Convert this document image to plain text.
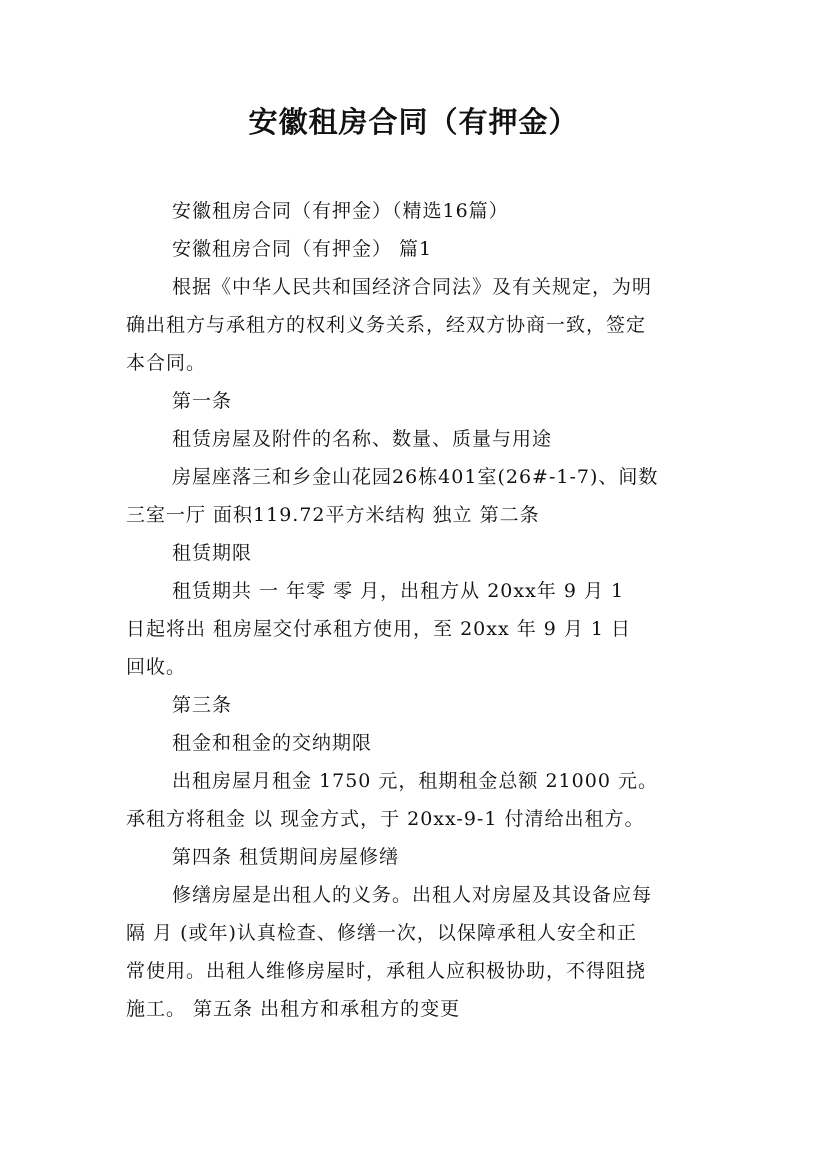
安徽租房合同（有押金）
安徽租房合同（有押金）（精选16篇）
安徽租房合同（有押金） 篇1
根据《中华人民共和国经济合同法》及有关规定，为明
确出租方与承租方的权利义务关系，经双方协商一致，签定
本合同。
第一条
租赁房屋及附件的名称、数量、质量与用途
房屋座落三和乡金山花园26栋401室(26#-1-7)、间数
三室一厅 面积119.72平方米结构 独立 第二条
租赁期限
租赁期共 一 年零 零 月，出租方从 20xx年 9 月 1
日起将出 租房屋交付承租方使用，至 20xx 年 9 月 1 日
回收。
第三条
租金和租金的交纳期限
出租房屋月租金 1750 元，租期租金总额 21000 元。
承租方将租金 以 现金方式，于 20xx-9-1 付清给出租方。
第四条 租赁期间房屋修缮
修缮房屋是出租人的义务。出租人对房屋及其设备应每
隔 月 (或年)认真检查、修缮一次，以保障承租人安全和正
常使用。出租人维修房屋时，承租人应积极协助，不得阻挠
施工。 第五条 出租方和承租方的变更
